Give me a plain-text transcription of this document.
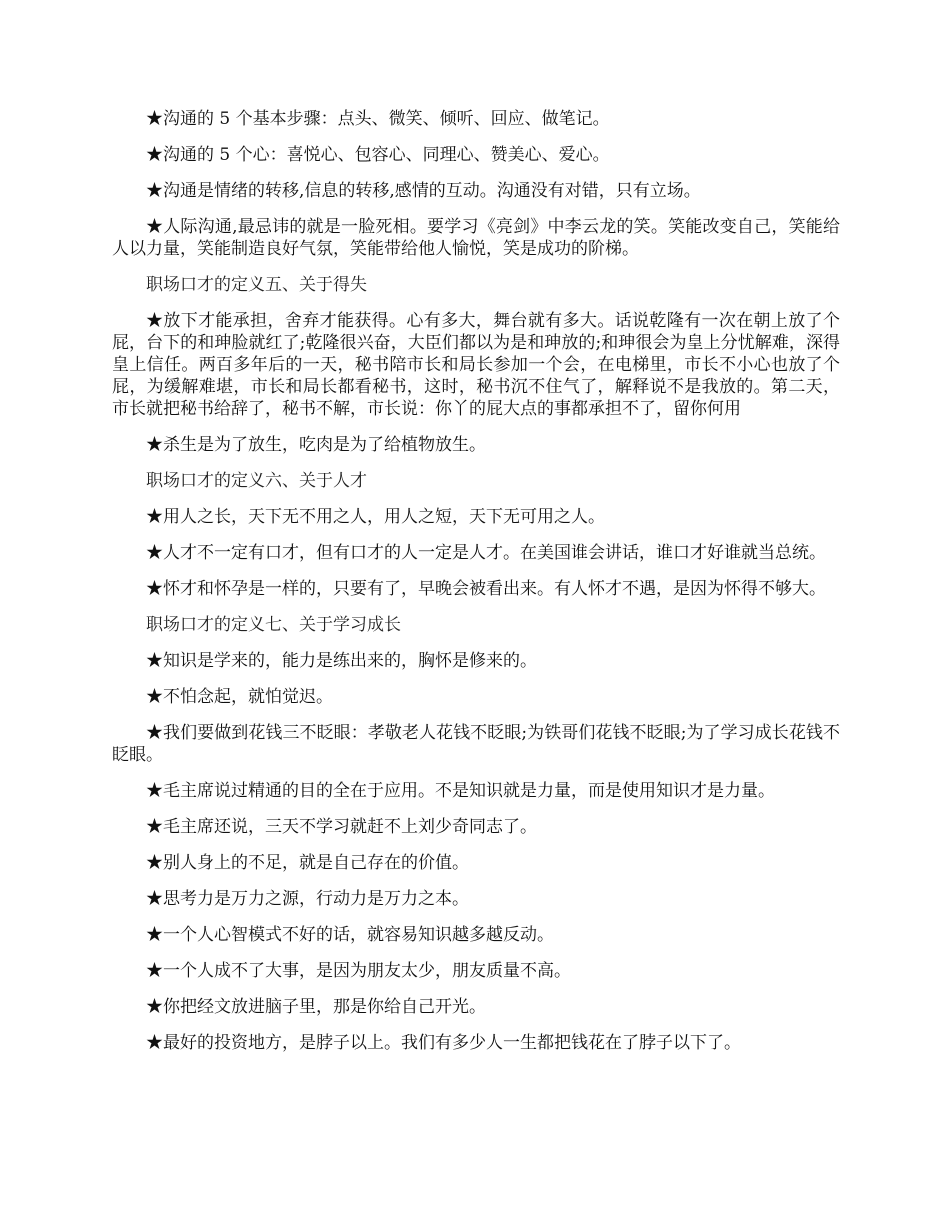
★沟通的 5 个基本步骤：点头、微笑、倾听、回应、做笔记。

★沟通的 5 个心：喜悦心、包容心、同理心、赞美心、爱心。

★沟通是情绪的转移,信息的转移,感情的互动。沟通没有对错，只有立场。

★人际沟通,最忌讳的就是一脸死相。要学习《亮剑》中李云龙的笑。笑能改变自己，笑能给人以力量，笑能制造良好气氛，笑能带给他人愉悦，笑是成功的阶梯。

职场口才的定义五、关于得失

★放下才能承担，舍弃才能获得。心有多大，舞台就有多大。话说乾隆有一次在朝上放了个屁，台下的和珅脸就红了;乾隆很兴奋，大臣们都以为是和珅放的;和珅很会为皇上分忧解难，深得皇上信任。两百多年后的一天，秘书陪市长和局长参加一个会，在电梯里，市长不小心也放了个屁，为缓解难堪，市长和局长都看秘书，这时，秘书沉不住气了，解释说不是我放的。第二天，市长就把秘书给辞了，秘书不解，市长说：你丫的屁大点的事都承担不了，留你何用

★杀生是为了放生，吃肉是为了给植物放生。

职场口才的定义六、关于人才

★用人之长，天下无不用之人，用人之短，天下无可用之人。

★人才不一定有口才，但有口才的人一定是人才。在美国谁会讲话，谁口才好谁就当总统。

★怀才和怀孕是一样的，只要有了，早晚会被看出来。有人怀才不遇，是因为怀得不够大。

职场口才的定义七、关于学习成长

★知识是学来的，能力是练出来的，胸怀是修来的。

★不怕念起，就怕觉迟。

★我们要做到花钱三不眨眼：孝敬老人花钱不眨眼;为铁哥们花钱不眨眼;为了学习成长花钱不眨眼。

★毛主席说过精通的目的全在于应用。不是知识就是力量，而是使用知识才是力量。

★毛主席还说，三天不学习就赶不上刘少奇同志了。

★别人身上的不足，就是自己存在的价值。

★思考力是万力之源，行动力是万力之本。

★一个人心智模式不好的话，就容易知识越多越反动。

★一个人成不了大事，是因为朋友太少，朋友质量不高。

★你把经文放进脑子里，那是你给自己开光。

★最好的投资地方，是脖子以上。我们有多少人一生都把钱花在了脖子以下了。
